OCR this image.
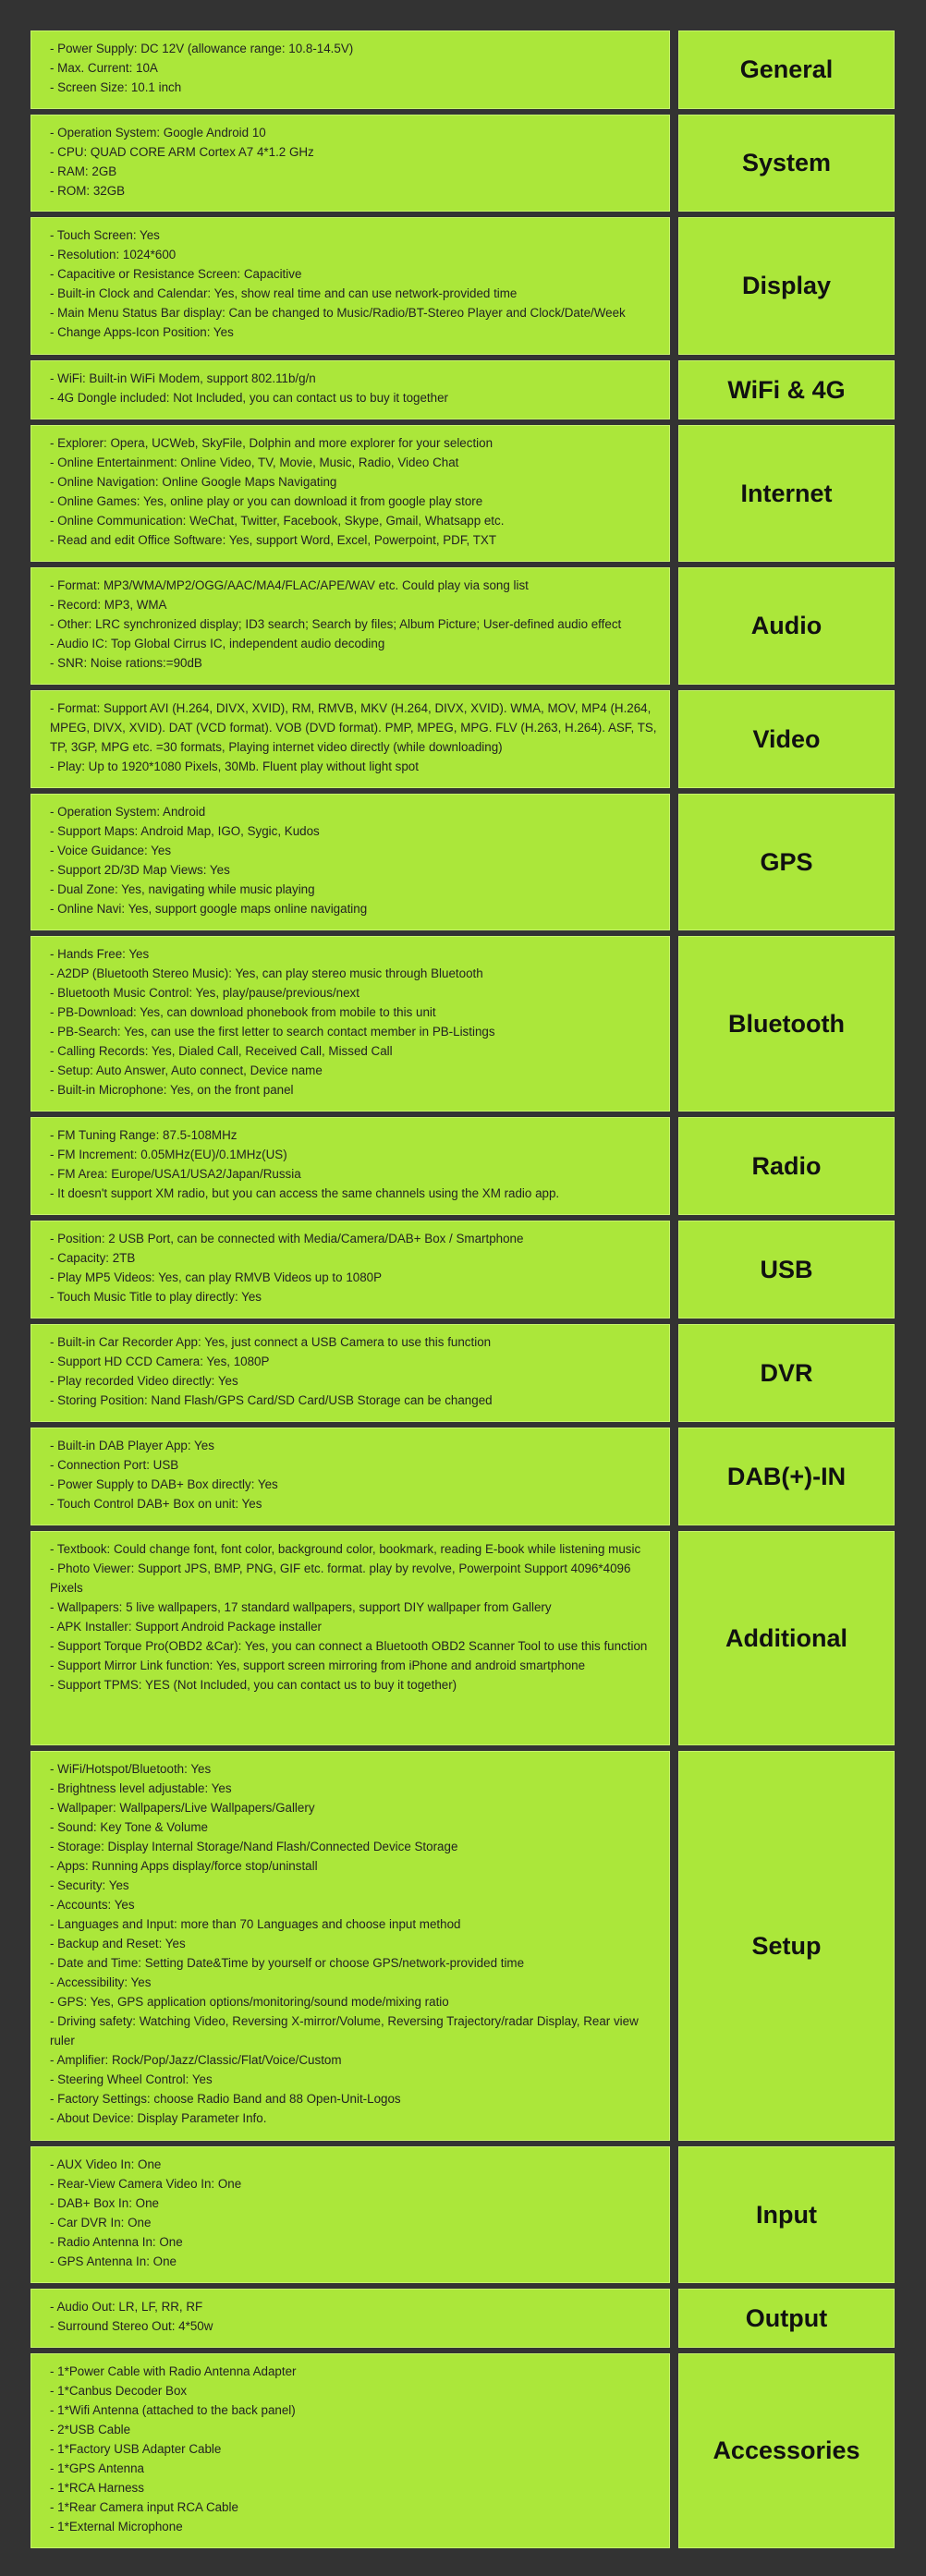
- Power Supply: DC 12V (allowance range: 10.8-14.5V)
- Max. Current: 10A
- Screen Size: 10.1 inch
General
- Operation System: Google Android 10
- CPU: QUAD CORE ARM Cortex A7 4*1.2 GHz
- RAM: 2GB
- ROM: 32GB
System
- Touch Screen: Yes
- Resolution: 1024*600
- Capacitive or Resistance Screen: Capacitive
- Built-in Clock and Calendar: Yes, show real time and can use network-provided time
- Main Menu Status Bar display: Can be changed to Music/Radio/BT-Stereo Player and Clock/Date/Week
- Change Apps-Icon Position: Yes
Display
- WiFi: Built-in WiFi Modem, support 802.11b/g/n
- 4G Dongle included: Not Included, you can contact us to buy it together	WiFi & 4G
- Explorer: Opera, UCWeb, SkyFile, Dolphin and more explorer for your selection
- Online Entertainment: Online Video, TV, Movie, Music, Radio, Video Chat
- Online Navigation: Online Google Maps Navigating
- Online Games: Yes, online play or you can download it from google play store
- Online Communication: WeChat, Twitter, Facebook, Skype, Gmail, Whatsapp etc.
- Read and edit Office Software: Yes, support Word, Excel, Powerpoint, PDF, TXT
Internet
- Format: MP3/WMA/MP2/OGG/AAC/MA4/FLAC/APE/WAV etc. Could play via song list
- Record: MP3, WMA
- Other: LRC synchronized display; ID3 search; Search by files; Album Picture; User-defined audio effect
- Audio IC: Top Global Cirrus IC, independent audio decoding
- SNR: Noise rations:=90dB
Audio
- Format: Support AVI (H.264, DIVX, XVID), RM, RMVB, MKV (H.264, DIVX, XVID). WMA, MOV, MP4 (H.264, MPEG, DIVX, XVID). DAT (VCD format). VOB (DVD format). PMP, MPEG, MPG. FLV (H.263, H.264). ASF, TS, TP, 3GP, MPG etc. =30 formats, Playing internet video directly (while downloading)
- Play: Up to 1920*1080 Pixels, 30Mb. Fluent play without light spot
Video
- Operation System: Android
- Support Maps: Android Map, IGO, Sygic, Kudos
- Voice Guidance: Yes
- Support 2D/3D Map Views: Yes
- Dual Zone: Yes, navigating while music playing
- Online Navi: Yes, support google maps online navigating
GPS
- Hands Free: Yes
- A2DP (Bluetooth Stereo Music): Yes, can play stereo music through Bluetooth
- Bluetooth Music Control: Yes, play/pause/previous/next
- PB-Download: Yes, can download phonebook from mobile to this unit
- PB-Search: Yes, can use the first letter to search contact member in PB-Listings
- Calling Records: Yes, Dialed Call, Received Call, Missed Call
- Setup: Auto Answer, Auto connect, Device name
- Built-in Microphone: Yes, on the front panel
Bluetooth
- FM Tuning Range: 87.5-108MHz
- FM Increment: 0.05MHz(EU)/0.1MHz(US)
- FM Area: Europe/USA1/USA2/Japan/Russia
- It doesn't support XM radio, but you can access the same channels using the XM radio app.
Radio
- Position: 2 USB Port, can be connected with Media/Camera/DAB+ Box / Smartphone
- Capacity: 2TB
- Play MP5 Videos: Yes, can play RMVB Videos up to 1080P
- Touch Music Title to play directly: Yes
USB
- Built-in Car Recorder App: Yes, just connect a USB Camera to use this function
- Support HD CCD Camera: Yes, 1080P
- Play recorded Video directly: Yes
- Storing Position: Nand Flash/GPS Card/SD Card/USB Storage can be changed
DVR
- Built-in DAB Player App: Yes
- Connection Port: USB
- Power Supply to DAB+ Box directly: Yes
- Touch Control DAB+ Box on unit: Yes
DAB(+)-IN
- Textbook: Could change font, font color, background color, bookmark, reading E-book while listening music
- Photo Viewer: Support JPS, BMP, PNG, GIF etc. format. play by revolve, Powerpoint Support 4096*4096 Pixels
- Wallpapers: 5 live wallpapers, 17 standard wallpapers, support DIY wallpaper from Gallery
- APK Installer: Support Android Package installer
- Support Torque Pro(OBD2 &Car): Yes, you can connect a Bluetooth OBD2 Scanner Tool to use this function
- Support Mirror Link function: Yes, support screen mirroring from iPhone and android smartphone
- Support TPMS: YES (Not Included, you can contact us to buy it together)
Additional
- WiFi/Hotspot/Bluetooth: Yes
- Brightness level adjustable: Yes
- Wallpaper: Wallpapers/Live Wallpapers/Gallery
- Sound: Key Tone & Volume
- Storage: Display Internal Storage/Nand Flash/Connected Device Storage
- Apps: Running Apps display/force stop/uninstall
- Security: Yes
- Accounts: Yes
- Languages and Input: more than 70 Languages and choose input method
- Backup and Reset: Yes
- Date and Time: Setting Date&Time by yourself or choose GPS/network-provided time
- Accessibility: Yes
- GPS: Yes, GPS application options/monitoring/sound mode/mixing ratio
- Driving safety: Watching Video, Reversing X-mirror/Volume, Reversing Trajectory/radar Display, Rear view ruler
- Amplifier: Rock/Pop/Jazz/Classic/Flat/Voice/Custom
- Steering Wheel Control: Yes
- Factory Settings: choose Radio Band and 88 Open-Unit-Logos
- About Device: Display Parameter Info.
Setup
- AUX Video In: One
- Rear-View Camera Video In: One
- DAB+ Box In: One
- Car DVR In: One
- Radio Antenna In: One
- GPS Antenna In: One
Input
- Audio Out: LR, LF, RR, RF
- Surround Stereo Out: 4*50w	Output
- 1*Power Cable with Radio Antenna Adapter
- 1*Canbus Decoder Box
- 1*Wifi Antenna (attached to the back panel)
- 2*USB Cable
- 1*Factory USB Adapter Cable
- 1*GPS Antenna
- 1*RCA Harness
- 1*Rear Camera input RCA Cable
- 1*External Microphone
Accessories
